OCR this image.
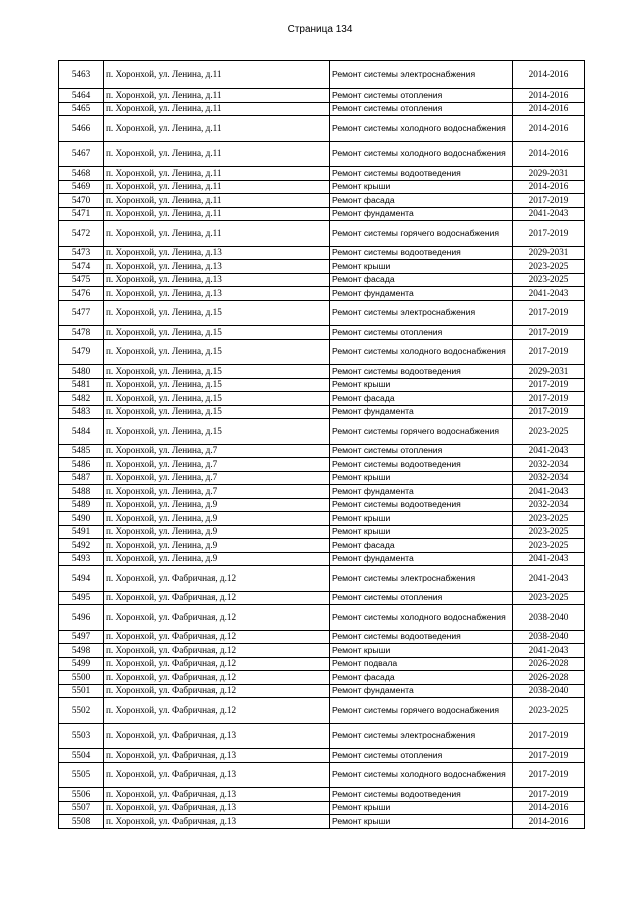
Страница 134
5463	п. Хоронхой, ул. Ленина, д.11	Ремонт системы электроснабжения	2014-2016
5464	п. Хоронхой, ул. Ленина, д.11	Ремонт системы отопления	2014-2016
5465	п. Хоронхой, ул. Ленина, д.11	Ремонт системы отопления	2014-2016
5466	п. Хоронхой, ул. Ленина, д.11	Ремонт системы холодного водоснабжения	2014-2016
5467	п. Хоронхой, ул. Ленина, д.11	Ремонт системы холодного водоснабжения	2014-2016
5468	п. Хоронхой, ул. Ленина, д.11	Ремонт системы водоотведения	2029-2031
5469	п. Хоронхой, ул. Ленина, д.11	Ремонт крыши	2014-2016
5470	п. Хоронхой, ул. Ленина, д.11	Ремонт фасада	2017-2019
5471	п. Хоронхой, ул. Ленина, д.11	Ремонт фундамента	2041-2043
5472	п. Хоронхой, ул. Ленина, д.11	Ремонт системы горячего водоснабжения	2017-2019
5473	п. Хоронхой, ул. Ленина, д.13	Ремонт системы водоотведения	2029-2031
5474	п. Хоронхой, ул. Ленина, д.13	Ремонт крыши	2023-2025
5475	п. Хоронхой, ул. Ленина, д.13	Ремонт фасада	2023-2025
5476	п. Хоронхой, ул. Ленина, д.13	Ремонт фундамента	2041-2043
5477	п. Хоронхой, ул. Ленина, д.15	Ремонт системы электроснабжения	2017-2019
5478	п. Хоронхой, ул. Ленина, д.15	Ремонт системы отопления	2017-2019
5479	п. Хоронхой, ул. Ленина, д.15	Ремонт системы холодного водоснабжения	2017-2019
5480	п. Хоронхой, ул. Ленина, д.15	Ремонт системы водоотведения	2029-2031
5481	п. Хоронхой, ул. Ленина, д.15	Ремонт крыши	2017-2019
5482	п. Хоронхой, ул. Ленина, д.15	Ремонт фасада	2017-2019
5483	п. Хоронхой, ул. Ленина, д.15	Ремонт фундамента	2017-2019
5484	п. Хоронхой, ул. Ленина, д.15	Ремонт системы горячего водоснабжения	2023-2025
5485	п. Хоронхой, ул. Ленина, д.7	Ремонт системы отопления	2041-2043
5486	п. Хоронхой, ул. Ленина, д.7	Ремонт системы водоотведения	2032-2034
5487	п. Хоронхой, ул. Ленина, д.7	Ремонт крыши	2032-2034
5488	п. Хоронхой, ул. Ленина, д.7	Ремонт фундамента	2041-2043
5489	п. Хоронхой, ул. Ленина, д.9	Ремонт системы водоотведения	2032-2034
5490	п. Хоронхой, ул. Ленина, д.9	Ремонт крыши	2023-2025
5491	п. Хоронхой, ул. Ленина, д.9	Ремонт крыши	2023-2025
5492	п. Хоронхой, ул. Ленина, д.9	Ремонт фасада	2023-2025
5493	п. Хоронхой, ул. Ленина, д.9	Ремонт фундамента	2041-2043
5494	п. Хоронхой, ул. Фабричная, д.12	Ремонт системы электроснабжения	2041-2043
5495	п. Хоронхой, ул. Фабричная, д.12	Ремонт системы отопления	2023-2025
5496	п. Хоронхой, ул. Фабричная, д.12	Ремонт системы холодного водоснабжения	2038-2040
5497	п. Хоронхой, ул. Фабричная, д.12	Ремонт системы водоотведения	2038-2040
5498	п. Хоронхой, ул. Фабричная, д.12	Ремонт крыши	2041-2043
5499	п. Хоронхой, ул. Фабричная, д.12	Ремонт подвала	2026-2028
5500	п. Хоронхой, ул. Фабричная, д.12	Ремонт фасада	2026-2028
5501	п. Хоронхой, ул. Фабричная, д.12	Ремонт фундамента	2038-2040
5502	п. Хоронхой, ул. Фабричная, д.12	Ремонт системы горячего водоснабжения	2023-2025
5503	п. Хоронхой, ул. Фабричная, д.13	Ремонт системы электроснабжения	2017-2019
5504	п. Хоронхой, ул. Фабричная, д.13	Ремонт системы отопления	2017-2019
5505	п. Хоронхой, ул. Фабричная, д.13	Ремонт системы холодного водоснабжения	2017-2019
5506	п. Хоронхой, ул. Фабричная, д.13	Ремонт системы водоотведения	2017-2019
5507	п. Хоронхой, ул. Фабричная, д.13	Ремонт крыши	2014-2016
5508	п. Хоронхой, ул. Фабричная, д.13	Ремонт крыши	2014-2016
